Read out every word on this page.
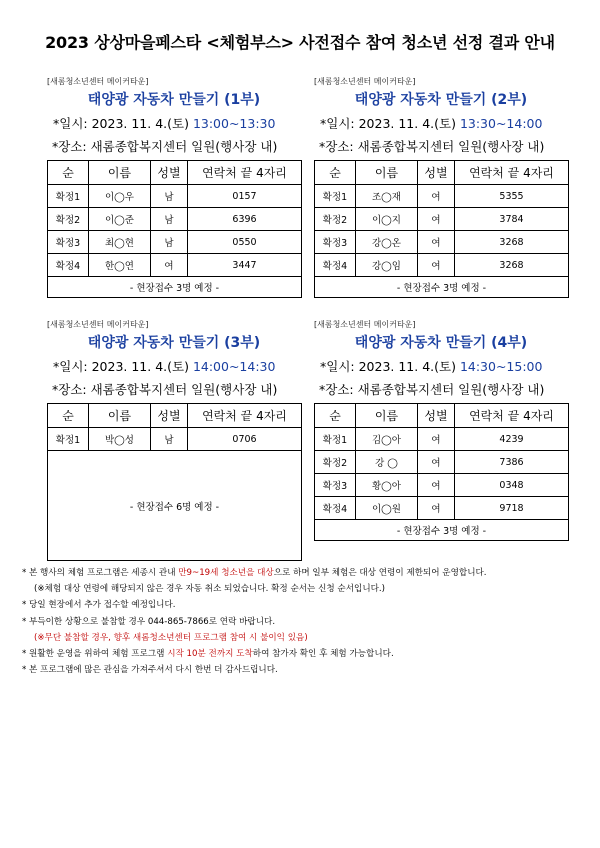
2023 상상마을페스타 <체험부스> 사전접수 참여 청소년 선정 결과 안내
[새롬청소년센터 메이커타운]
태양광 자동차 만들기 (1부)
*일시: 2023. 11. 4.(토) 13:00~13:30
*장소: 새롬종합복지센터 일원(행사장 내)
순	이름	성별	연락처 끝 4자리
확정1	이◯우	남	0157
확정2	이◯준	남	6396
확정3	최◯현	남	0550
확정4	한◯연	여	3447
- 현장접수 3명 예정 -			
[새롬청소년센터 메이커타운]
태양광 자동차 만들기 (2부)
*일시: 2023. 11. 4.(토) 13:30~14:00
*장소: 새롬종합복지센터 일원(행사장 내)
순	이름	성별	연락처 끝 4자리
확정1	조◯재	여	5355
확정2	이◯지	여	3784
확정3	강◯온	여	3268
확정4	강◯임	여	3268
- 현장접수 3명 예정 -			
[새롬청소년센터 메이커타운]
태양광 자동차 만들기 (3부)
*일시: 2023. 11. 4.(토) 14:00~14:30
*장소: 새롬종합복지센터 일원(행사장 내)
순	이름	성별	연락처 끝 4자리
확정1	박◯성	남	0706
- 현장접수 6명 예정 -			
[새롬청소년센터 메이커타운]
태양광 자동차 만들기 (4부)
*일시: 2023. 11. 4.(토) 14:30~15:00
*장소: 새롬종합복지센터 일원(행사장 내)
순	이름	성별	연락처 끝 4자리
확정1	김◯아	여	4239
확정2	강 ◯	여	7386
확정3	황◯아	여	0348
확정4	이◯원	여	9718
- 현장접수 3명 예정 -			
* 본 행사의 체험 프로그램은 세종시 관내 만9~19세 청소년을 대상으로 하며 일부 체험은 대상 연령이 제한되어 운영합니다.
(※체험 대상 연령에 해당되지 않은 경우 자동 취소 되었습니다. 확정 순서는 신청 순서입니다.)
* 당일 현장에서 추가 접수할 예정입니다.
* 부득이한 상황으로 불참할 경우 044-865-7866로 연락 바랍니다.
(※무단 불참할 경우, 향후 새롬청소년센터 프로그램 참여 시 불이익 있음)
* 원활한 운영을 위하여 체험 프로그램 시작 10분 전까지 도착하여 참가자 확인 후 체험 가능합니다.
* 본 프로그램에 많은 관심을 가져주셔서 다시 한번 더 감사드립니다.
